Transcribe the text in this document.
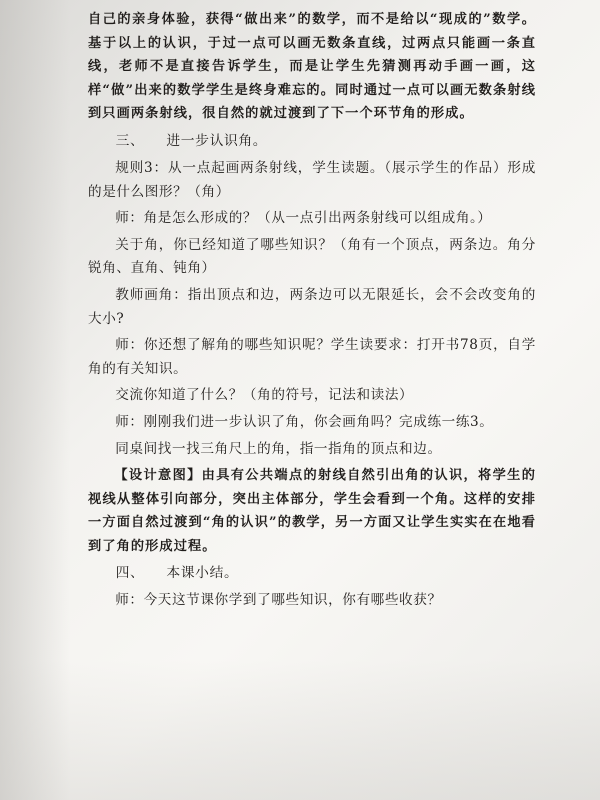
自己的亲身体验，获得“做出来”的数学，而不是给以“现成的”数学。基于以上的认识，于过一点可以画无数条直线，过两点只能画一条直线，老师不是直接告诉学生，而是让学生先猜测再动手画一画，这样“做”出来的数学学生是终身难忘的。同时通过一点可以画无数条射线到只画两条射线，很自然的就过渡到了下一个环节角的形成。

三、 进一步认识角。

规则3：从一点起画两条射线，学生读题。（展示学生的作品）形成的是什么图形？（角）

师：角是怎么形成的？（从一点引出两条射线可以组成角。）

关于角，你已经知道了哪些知识？（角有一个顶点，两条边。角分锐角、直角、钝角）

教师画角：指出顶点和边，两条边可以无限延长，会不会改变角的大小?

师：你还想了解角的哪些知识呢？学生读要求：打开书78页，自学角的有关知识。

交流你知道了什么？（角的符号，记法和读法）

师：刚刚我们进一步认识了角，你会画角吗？完成练一练3。

同桌间找一找三角尺上的角，指一指角的顶点和边。

【设计意图】由具有公共端点的射线自然引出角的认识，将学生的视线从整体引向部分，突出主体部分，学生会看到一个角。这样的安排一方面自然过渡到“角的认识”的教学，另一方面又让学生实实在在地看到了角的形成过程。

四、 本课小结。

师：今天这节课你学到了哪些知识，你有哪些收获？
